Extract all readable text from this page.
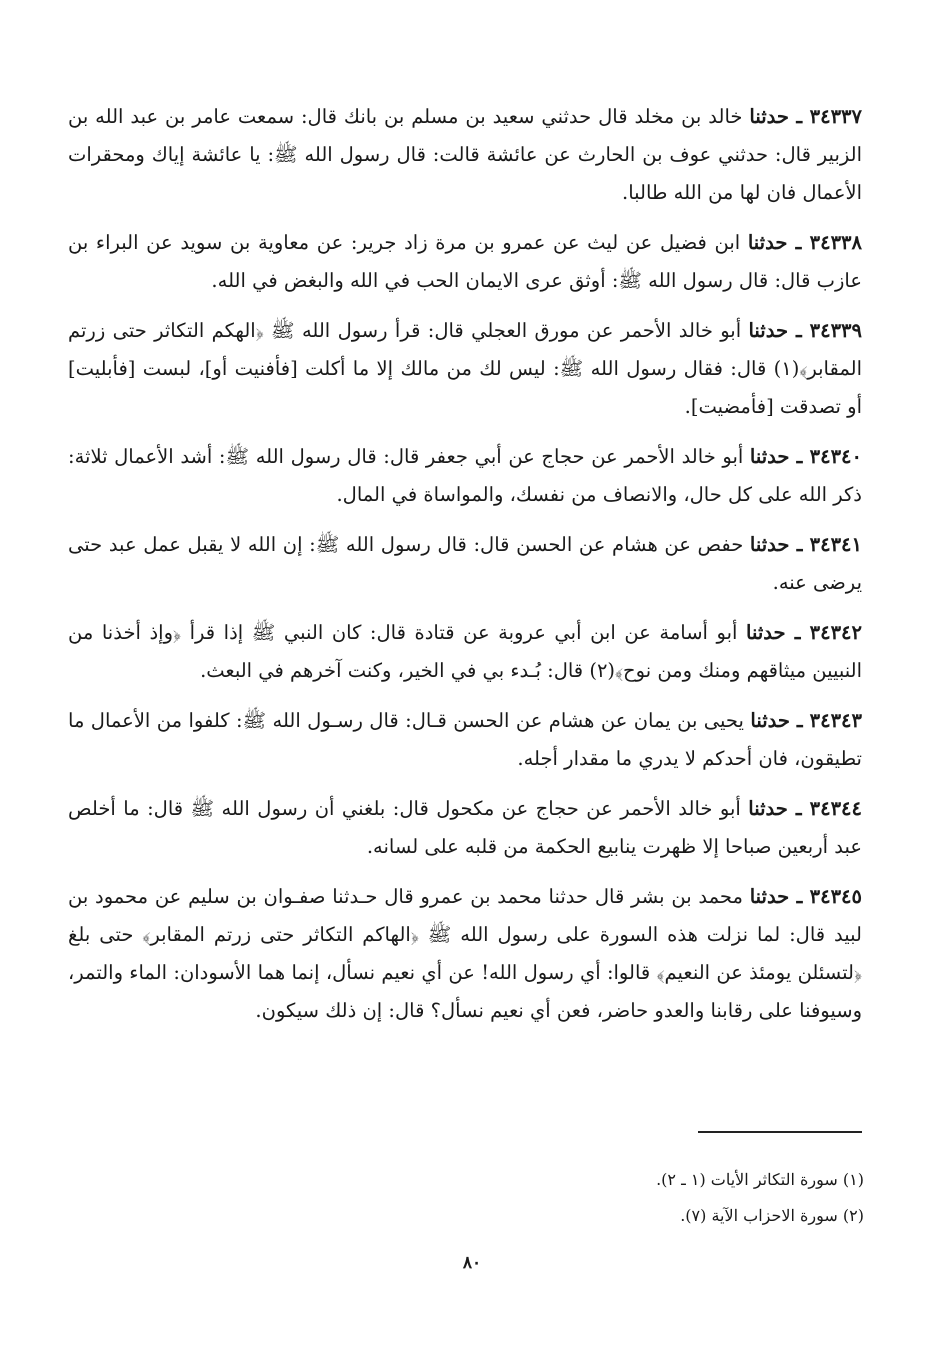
٣٤٣٣٧ ـ حدثنا خالد بن مخلد قال حدثني سعيد بن مسلم بن بانك قال: سمعت عامر بن عبد الله بن الزبير قال: حدثني عوف بن الحارث عن عائشة قالت: قال رسول الله ﷺ: يا عائشة إياك ومحقرات الأعمال فان لها من الله طالبا.

٣٤٣٣٨ ـ حدثنا ابن فضيل عن ليث عن عمرو بن مرة زاد جرير: عن معاوية بن سويد عن البراء بن عازب قال: قال رسول الله ﷺ: أوثق عرى الايمان الحب في الله والبغض في الله.

٣٤٣٣٩ ـ حدثنا أبو خالد الأحمر عن مورق العجلي قال: قرأ رسول الله ﷺ ﴿الهكم التكاثر حتى زرتم المقابر﴾(١) قال: فقال رسول الله ﷺ: ليس لك من مالك إلا ما أكلت [فأفنيت أو]، لبست [فأبليت] أو تصدقت [فأمضيت].

٣٤٣٤٠ ـ حدثنا أبو خالد الأحمر عن حجاج عن أبي جعفر قال: قال رسول الله ﷺ: أشد الأعمال ثلاثة: ذكر الله على كل حال، والانصاف من نفسك، والمواساة في المال.

٣٤٣٤١ ـ حدثنا حفص عن هشام عن الحسن قال: قال رسول الله ﷺ: إن الله لا يقبل عمل عبد حتى يرضى عنه.

٣٤٣٤٢ ـ حدثنا أبو أسامة عن ابن أبي عروبة عن قتادة قال: كان النبي ﷺ إذا قرأ ﴿وإذ أخذنا من النبيين ميثاقهم ومنك ومن نوح﴾(٢) قال: بُـدء بي في الخير، وكنت آخرهم في البعث.

٣٤٣٤٣ ـ حدثنا يحيى بن يمان عن هشام عن الحسن قـال: قال رسـول الله ﷺ: كلفوا من الأعمال ما تطيقون، فان أحدكم لا يدري ما مقدار أجله.

٣٤٣٤٤ ـ حدثنا أبو خالد الأحمر عن حجاج عن مكحول قال: بلغني أن رسول الله ﷺ قال: ما أخلص عبد أربعين صباحا إلا ظهرت ينابيع الحكمة من قلبه على لسانه.

٣٤٣٤٥ ـ حدثنا محمد بن بشر قال حدثنا محمد بن عمرو قال حـدثنا صفـوان بن سليم عن محمود بن لبيد قال: لما نزلت هذه السورة على رسول الله ﷺ ﴿الهاكم التكاثر حتى زرتم المقابر﴾ حتى بلغ ﴿لتسئلن يومئذ عن النعيم﴾ قالوا: أي رسول الله! عن أي نعيم نسأل، إنما هما الأسودان: الماء والتمر، وسيوفنا على رقابنا والعدو حاضر، فعن أي نعيم نسأل؟ قال: إن ذلك سيكون.

(١) سورة التكاثر الأيات (١ ـ ٢).

(٢) سورة الاحزاب الآية (٧).

٨٠
